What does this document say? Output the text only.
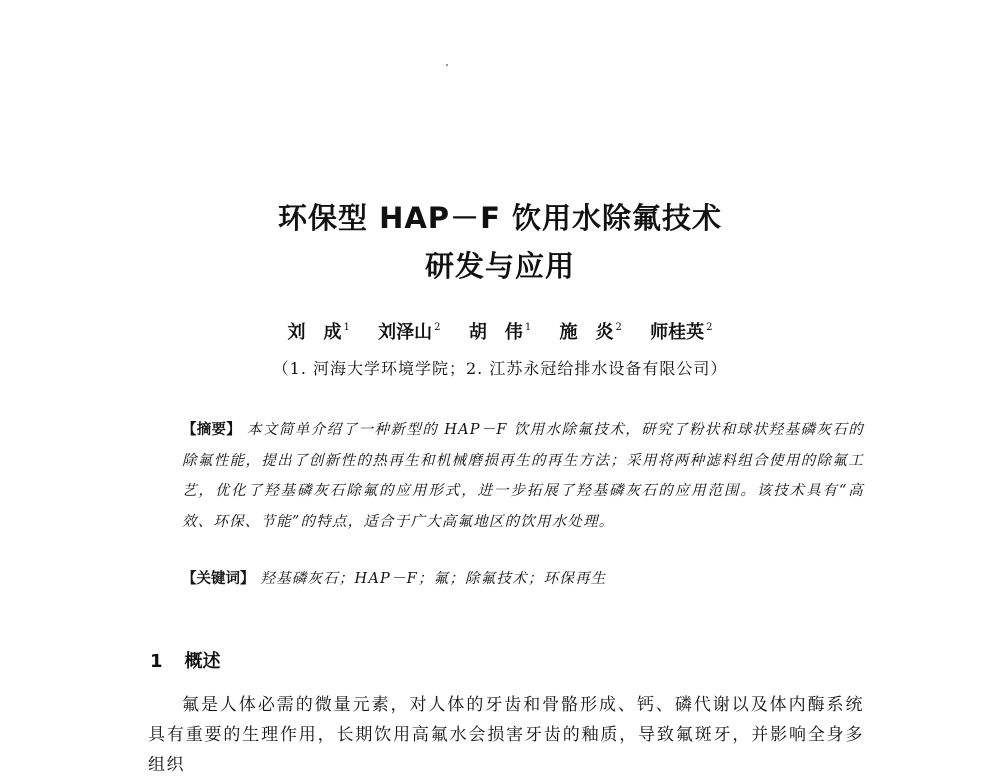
环保型 HAP－F 饮用水除氟技术
研发与应用
刘　成 $^1$ 刘泽山 $^2$ 胡　伟 $^1$ 施　炎 $^2$ 师桂英 $^2$
（1. 河海大学环境学院；2. 江苏永冠给排水设备有限公司）
【摘要】 本文简单介绍了一种新型的 HAP－F 饮用水除氟技术，研究了粉状和球状羟基磷灰石的除氟性能，提出了创新性的热再生和机械磨损再生的再生方法；采用将两种滤料组合使用的除氟工艺，优化了羟基磷灰石除氟的应用形式，进一步拓展了羟基磷灰石的应用范围。该技术具有“高效、环保、节能”的特点，适合于广大高氟地区的饮用水处理。
【关键词】 羟基磷灰石；HAP－F；氟；除氟技术；环保再生
1 概述
氟是人体必需的微量元素，对人体的牙齿和骨骼形成、钙、磷代谢以及体内酶系统具有重要的生理作用，长期饮用高氟水会损害牙齿的釉质，导致氟斑牙，并影响全身多组织
